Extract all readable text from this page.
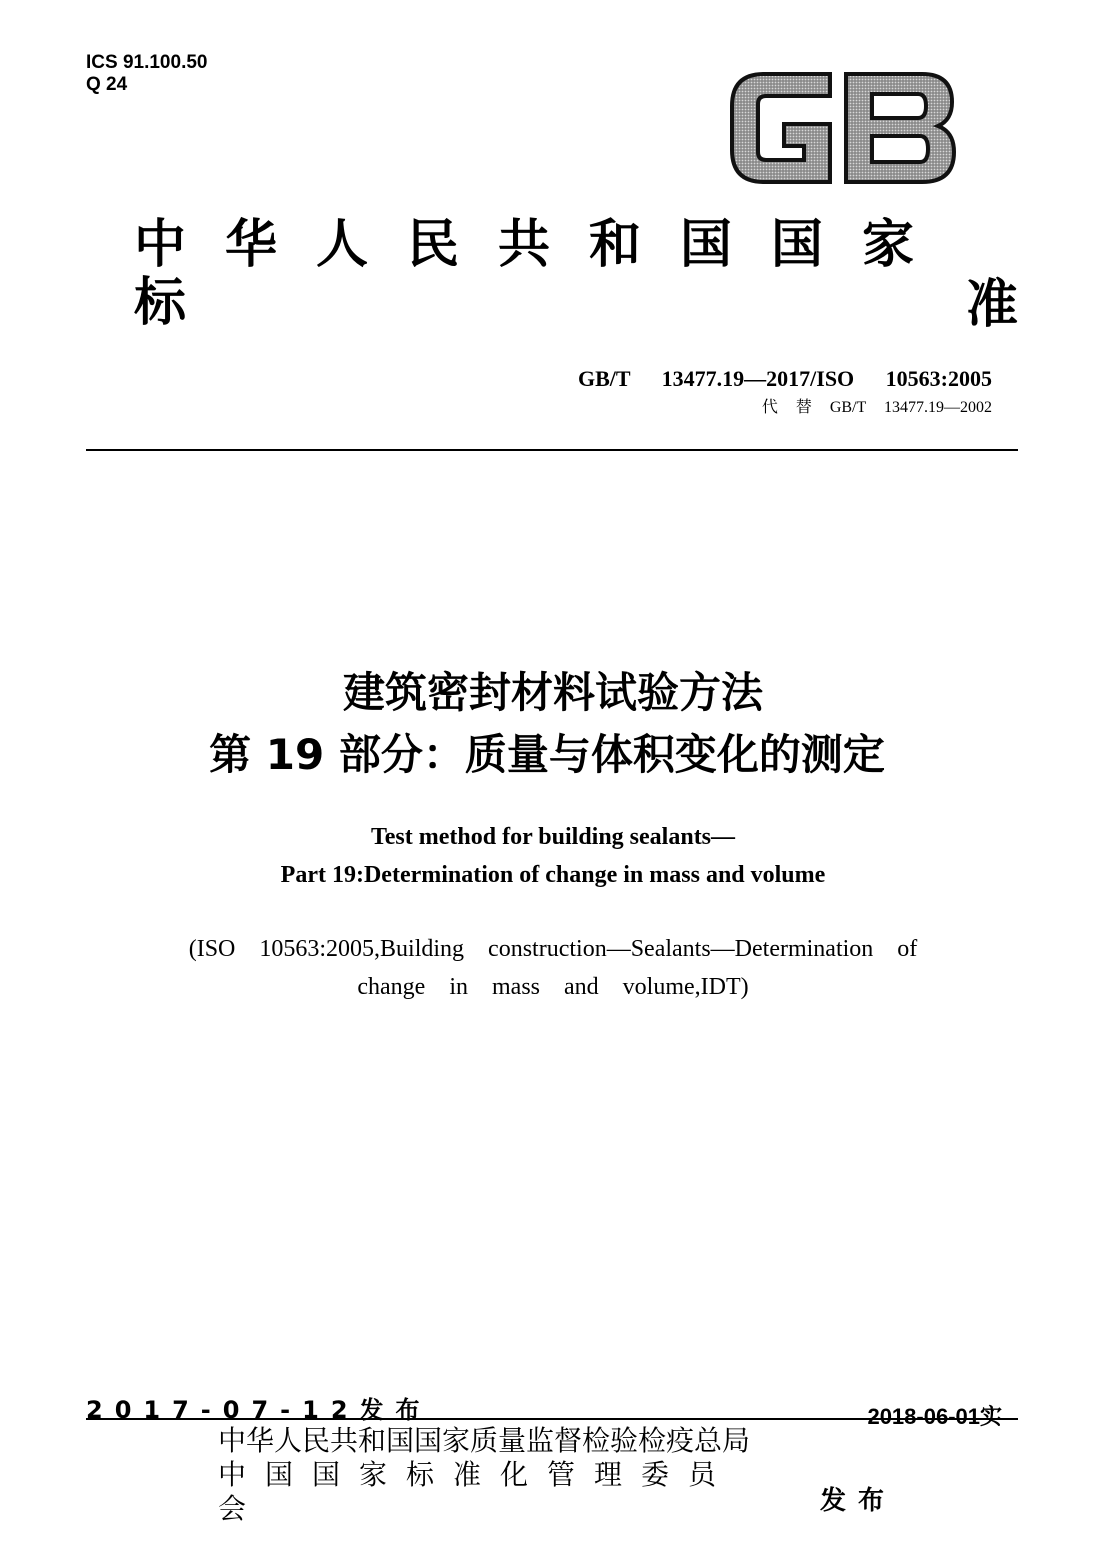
ICS 91.100.50
Q 24
中华人民共和国国家标	准
GB/T 13477.19—2017/ISO 10563:2005
代 替 GB/T 13477.19—2002
建筑密封材料试验方法
第 19 部分：质量与体积变化的测定
Test method for building sealants—
Part 19:Determination of change in mass and volume
(ISO 10563:2005,Building construction—Sealants—Determination of
change in mass and volume,IDT)
2017-07-12发布	2018-06-01实
中华人民共和国国家质量监督检验检疫总局
中国国家标准化管理委员会	发布
